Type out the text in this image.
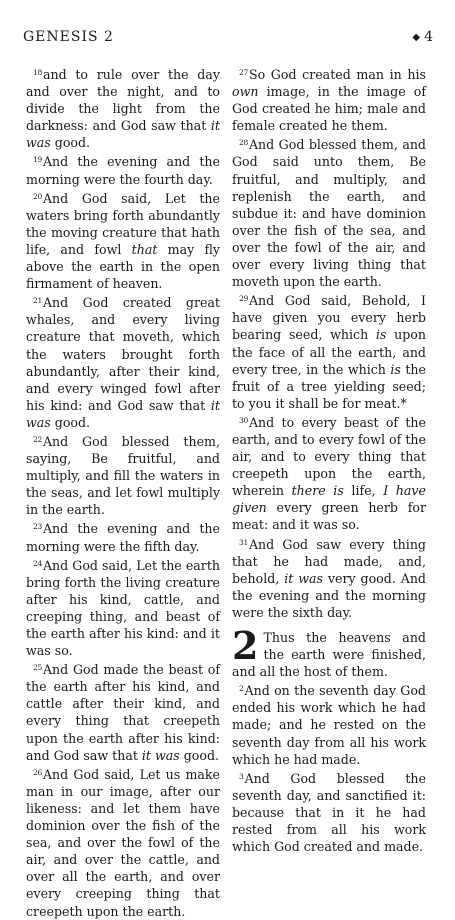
GENESIS 2	◆ 4

$^{18}$and to rule over the day and over the night, and to divide the light from the darkness: and God saw that it was good.

$^{19}$And the evening and the morning were the fourth day.

$^{20}$And God said, Let the waters bring forth abundantly the moving creature that hath life, and fowl that may fly above the earth in the open firmament of heaven.

$^{21}$And God created great whales, and every living creature that moveth, which the waters brought forth abundantly, after their kind, and every winged fowl after his kind: and God saw that it was good.

$^{22}$And God blessed them, saying, Be fruitful, and multiply, and fill the waters in the seas, and let fowl multiply in the earth.

$^{23}$And the evening and the morning were the fifth day.

$^{24}$And God said, Let the earth bring forth the living creature after his kind, cattle, and creeping thing, and beast of the earth after his kind: and it was so.

$^{25}$And God made the beast of the earth after his kind, and cattle after their kind, and every thing that creepeth upon the earth after his kind: and God saw that it was good.

$^{26}$And God said, Let us make man in our image, after our likeness: and let them have dominion over the fish of the sea, and over the fowl of the air, and over the cattle, and over all the earth, and over every creeping thing that creepeth upon the earth.

$^{27}$So God created man in his own image, in the image of God created he him; male and female created he them.

$^{28}$And God blessed them, and God said unto them, Be fruitful, and multiply, and replenish the earth, and subdue it: and have dominion over the fish of the sea, and over the fowl of the air, and over every living thing that moveth upon the earth.

$^{29}$And God said, Behold, I have given you every herb bearing seed, which is upon the face of all the earth, and every tree, in the which is the fruit of a tree yielding seed; to you it shall be for meat.*

$^{30}$And to every beast of the earth, and to every fowl of the air, and to every thing that creepeth upon the earth, wherein there is life, I have given every green herb for meat: and it was so.

$^{31}$And God saw every thing that he had made, and, behold, it was very good. And the evening and the morning were the sixth day.

2 Thus the heavens and the earth were finished, and all the host of them.

$^2$And on the seventh day God ended his work which he had made; and he rested on the seventh day from all his work which he had made.

$^3$And God blessed the seventh day, and sanctified it: because that in it he had rested from all his work which God created and made.
